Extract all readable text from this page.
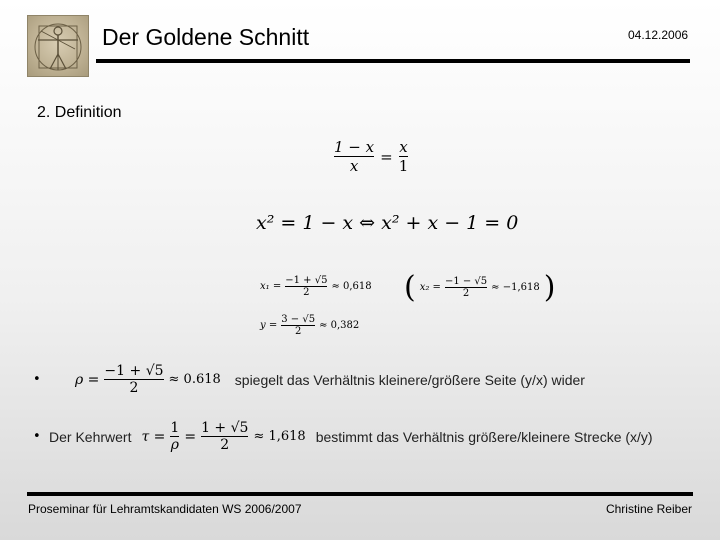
Der Goldene Schnitt	04.12.2006
2. Definition
$\frac{1 - x}{x} = \frac{x}{1}$
x² = 1 − x ⇔ x² + x − 1 = 0
$x_1 = \frac{-1 + √5}{2} \approx 0,618$ ( $x_2 = \frac{-1 - √5}{2} \approx -1,618$ )
$y = \frac{3 - √5}{2} \approx 0,382$
•	$\rho = \frac{-1 + √5}{2} \approx 0.618$ spiegelt das Verhältnis kleinere/größere Seite (y/x) wider
• Der Kehrwert $\tau = \frac{1}{\rho} = \frac{1 + √5}{2} \approx 1,618$ bestimmt das Verhältnis größere/kleinere Strecke (x/y)
Proseminar für Lehramtskandidaten WS 2006/2007	Christine Reiber
